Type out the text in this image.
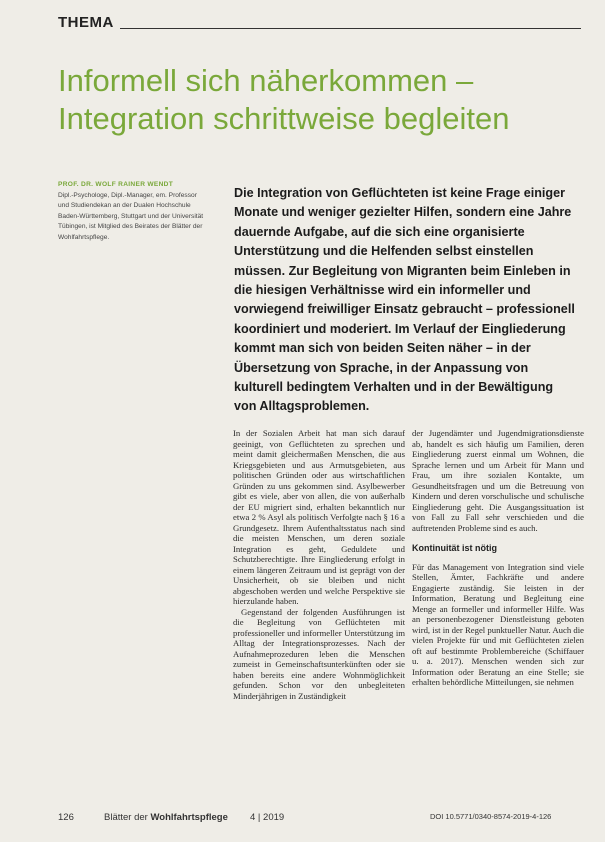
THEMA
Informell sich näherkommen – Integration schrittweise begleiten
PROF. DR. WOLF RAINER WENDT
Dipl.-Psychologe, Dipl.-Manager, em. Professor und Studiendekan an der Dualen Hochschule Baden-Württemberg, Stuttgart und der Universität Tübingen, ist Mitglied des Beirates der Blätter der Wohlfahrtspflege.

Die Integration von Geflüchteten ist keine Frage einiger Monate und weniger gezielter Hilfen, sondern eine Jahre dauernde Aufgabe, auf die sich eine organisierte Unterstützung und die Helfenden selbst einstellen müssen. Zur Begleitung von Migranten beim Einleben in die hiesigen Verhältnisse wird ein informeller und vorwiegend freiwilliger Einsatz gebraucht – professionell koordiniert und moderiert. Im Verlauf der Eingliederung kommt man sich von beiden Seiten näher – in der Übersetzung von Sprache, in der Anpassung von kulturell bedingtem Verhalten und in der Bewältigung von Alltagsproblemen.

In der Sozialen Arbeit hat man sich darauf geeinigt, von Geflüchteten zu sprechen und meint damit gleichermaßen Menschen, die aus Kriegsgebieten und aus Armutsgebieten, aus politischen Gründen oder aus wirtschaftlichen Gründen zu uns gekommen sind. Asylbewerber gibt es viele, aber von allen, die von außerhalb der EU migriert sind, erhalten bekanntlich nur etwa 2 % Asyl als politisch Verfolgte nach § 16 a Grundgesetz. Ihrem Aufenthaltsstatus nach sind die meisten Menschen, um deren soziale Integration es geht, Geduldete und Schutzberechtigte. Ihre Eingliederung erfolgt in einem längeren Zeitraum und ist geprägt von der Unsicherheit, ob sie bleiben und nicht abgeschoben werden und welche Perspektive sie hierzulande haben.

Gegenstand der folgenden Ausführungen ist die Begleitung von Geflüchteten mit professioneller und informeller Unterstützung im Alltag der Integrationsprozesses. Nach der Aufnahmeprozeduren leben die Menschen zumeist in Gemeinschaftsunterkünften oder sie haben bereits eine andere Wohnmöglichkeit gefunden. Schon vor den unbegleiteten Minderjährigen in Zuständigkeit

der Jugendämter und Jugendmigrationsdienste ab, handelt es sich häufig um Familien, deren Eingliederung zuerst einmal um Wohnen, die Sprache lernen und um Arbeit für Mann und Frau, um ihre sozialen Kontakte, um Gesundheitsfragen und um die Betreuung von Kindern und deren vorschulische und schulische Eingliederung geht. Die Ausgangssituation ist von Fall zu Fall sehr verschieden und die auftretenden Probleme sind es auch.

Kontinuität ist nötig

Für das Management von Integration sind viele Stellen, Ämter, Fachkräfte und andere Engagierte zuständig. Sie leisten in der Information, Beratung und Begleitung eine Menge an formeller und informeller Hilfe. Was an personenbezogener Dienstleistung geboten wird, ist in der Regel punktueller Natur. Auch die vielen Projekte für und mit Geflüchteten zielen oft auf bestimmte Problembereiche (Schiffauer u. a. 2017). Menschen wenden sich zur Information oder Beratung an eine Stelle; sie erhalten behördliche Mitteilungen, sie nehmen

126	Blätter der Wohlfahrtspflege 4 | 2019	DOI 10.5771/0340-8574-2019-4-126
